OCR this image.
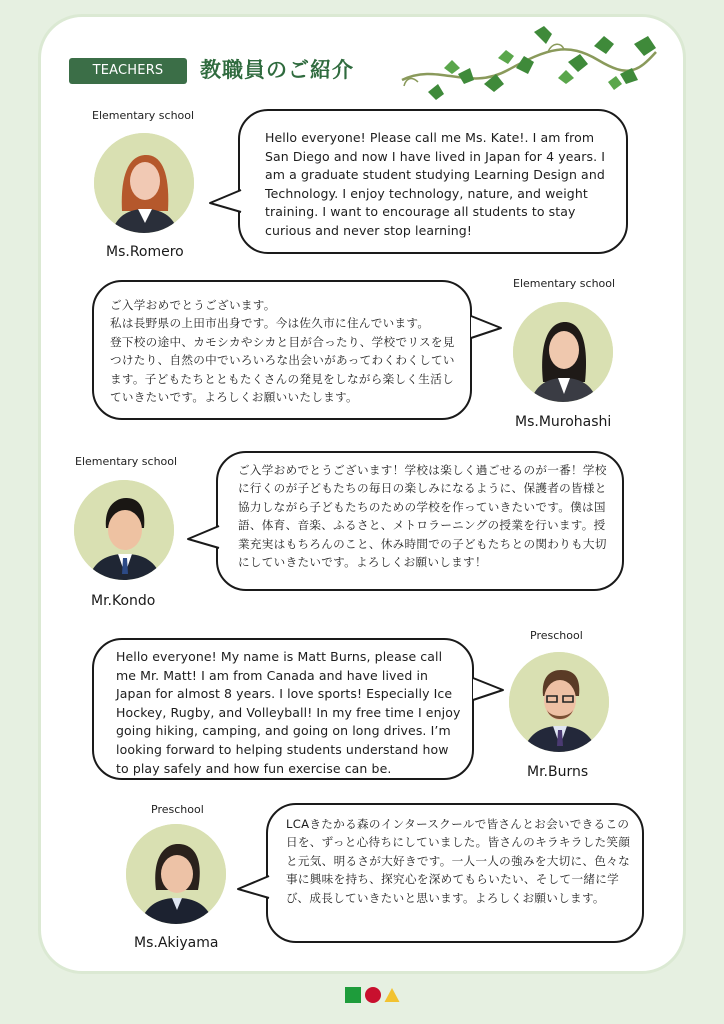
TEACHERS	教職員のご紹介
Elementary school
Ms.Romero
Hello everyone! Please call me Ms. Kate!. I am from San Diego and now I have lived in Japan for 4 years. I am a graduate student studying Learning Design and Technology. I enjoy technology, nature, and weight training. I want to encourage all students to stay curious and never stop learning!
Elementary school
Ms.Murohashi
ご入学おめでとうございます。
私は長野県の上田市出身です。今は佐久市に住んでいます。
登下校の途中、カモシカやシカと目が合ったり、学校でリスを見つけたり、自然の中でいろいろな出会いがあってわくわくしています。子どもたちとともたくさんの発見をしながら楽しく生活していきたいです。よろしくお願いいたします。
Elementary school
Mr.Kondo
ご入学おめでとうございます！学校は楽しく過ごせるのが一番！学校に行くのが子どもたちの毎日の楽しみになるように、保護者の皆様と協力しながら子どもたちのための学校を作っていきたいです。僕は国語、体育、音楽、ふるさと、メトロラーニングの授業を行います。授業充実はもちろんのこと、休み時間での子どもたちとの関わりも大切にしていきたいです。よろしくお願いします！
Preschool
Mr.Burns
Hello everyone! My name is Matt Burns, please call me Mr. Matt! I am from Canada and have lived in Japan for almost 8 years. I love sports! Especially Ice Hockey, Rugby, and Volleyball! In my free time I enjoy going hiking, camping, and going on long drives. I’m looking forward to helping students understand how to play safely and how fun exercise can be.
Preschool
Ms.Akiyama
LCAきたかる森のインタースクールで皆さんとお会いできるこの日を、ずっと心待ちにしていました。皆さんのキラキラした笑顔と元気、明るさが大好きです。一人一人の強みを大切に、色々な事に興味を持ち、探究心を深めてもらいたい、そして一緒に学び、成長していきたいと思います。よろしくお願いします。
